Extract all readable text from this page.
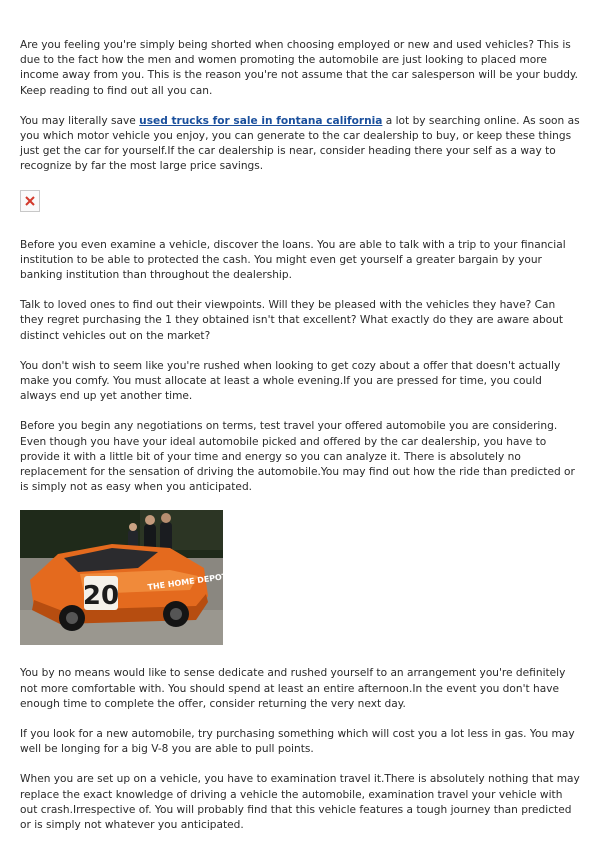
Are you feeling you're simply being shorted when choosing employed or new and used vehicles? This is due to the fact how the men and women promoting the automobile are just looking to placed more income away from you. This is the reason you're not assume that the car salesperson will be your buddy. Keep reading to find out all you can.

You may literally save used trucks for sale in fontana california a lot by searching online. As soon as you which motor vehicle you enjoy, you can generate to the car dealership to buy, or keep these things just get the car for yourself.If the car dealership is near, consider heading there your self as a way to recognize by far the most large price savings.

Before you even examine a vehicle, discover the loans. You are able to talk with a trip to your financial institution to be able to protected the cash. You might even get yourself a greater bargain by your banking institution than throughout the dealership.

Talk to loved ones to find out their viewpoints. Will they be pleased with the vehicles they have? Can they regret purchasing the 1 they obtained isn't that excellent? What exactly do they are aware about distinct vehicles out on the market?

You don't wish to seem like you're rushed when looking to get cozy about a offer that doesn't actually make you comfy. You must allocate at least a whole evening.If you are pressed for time, you could always end up yet another time.

Before you begin any negotiations on terms, test travel your offered automobile you are considering. Even though you have your ideal automobile picked and offered by the car dealership, you have to provide it with a little bit of your time and energy so you can analyze it. There is absolutely no replacement for the sensation of driving the automobile.You may find out how the ride than predicted or is simply not as easy when you anticipated.

20	THE HOME DEPOT

You by no means would like to sense dedicate and rushed yourself to an arrangement you're definitely not more comfortable with. You should spend at least an entire afternoon.In the event you don't have enough time to complete the offer, consider returning the very next day.

If you look for a new automobile, try purchasing something which will cost you a lot less in gas. You may well be longing for a big V-8 you are able to pull points.

When you are set up on a vehicle, you have to examination travel it.There is absolutely nothing that may replace the exact knowledge of driving a vehicle the automobile, examination travel your vehicle with out crash.Irrespective of. You will probably find that this vehicle features a tough journey than predicted or is simply not whatever you anticipated.
